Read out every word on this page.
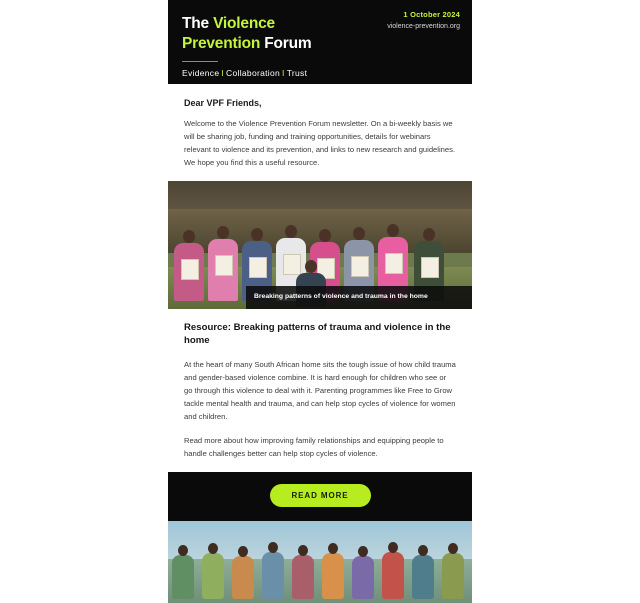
1 October 2024
violence-prevention.org
The Violence
Prevention Forum
Evidence I Collaboration I Trust
Dear VPF Friends,
Welcome to the Violence Prevention Forum newsletter. On a bi-weekly basis we will be sharing job, funding and training opportunities, details for webinars relevant to violence and its prevention, and links to new research and guidelines. We hope you find this a useful resource.
Breaking patterns of violence and trauma in the home
Resource: Breaking patterns of trauma and violence in the home
At the heart of many South African home sits the tough issue of how child trauma and gender-based violence combine. It is hard enough for children who see or go through this violence to deal with it. Parenting programmes like Free to Grow tackle mental health and trauma, and can help stop cycles of violence for women and children.
Read more about how improving family relationships and equipping people to handle challenges better can help stop cycles of violence.
READ MORE
